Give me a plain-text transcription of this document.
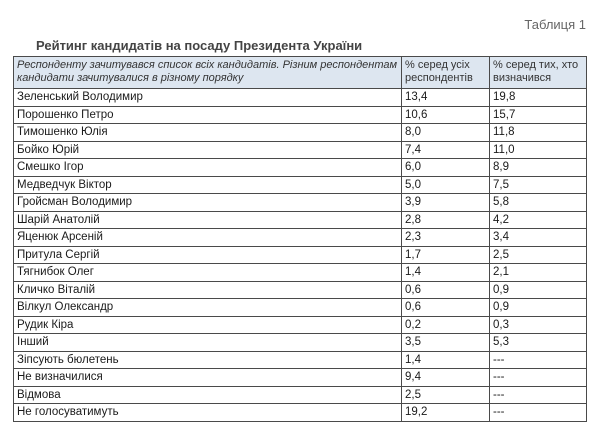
Таблиця 1
Рейтинг кандидатів на посаду Президента України
Респонденту зачитувався список всіх кандидатів. Різним респондентам кандидати зачитувалися в різному порядку	% серед усіх респондентів	% серед тих, хто визначився
Зеленський Володимир	13,4	19,8
Порошенко Петро	10,6	15,7
Тимошенко Юлія	8,0	11,8
Бойко Юрій	7,4	11,0
Смешко Ігор	6,0	8,9
Медведчук Віктор	5,0	7,5
Гройсман Володимир	3,9	5,8
Шарій Анатолій	2,8	4,2
Яценюк Арсеній	2,3	3,4
Притула Сергій	1,7	2,5
Тягнибок Олег	1,4	2,1
Кличко Віталій	0,6	0,9
Вілкул Олександр	0,6	0,9
Рудик Кіра	0,2	0,3
Інший	3,5	5,3
Зіпсують бюлетень	1,4	---
Не визначилися	9,4	---
Відмова	2,5	---
Не голосуватимуть	19,2	---
